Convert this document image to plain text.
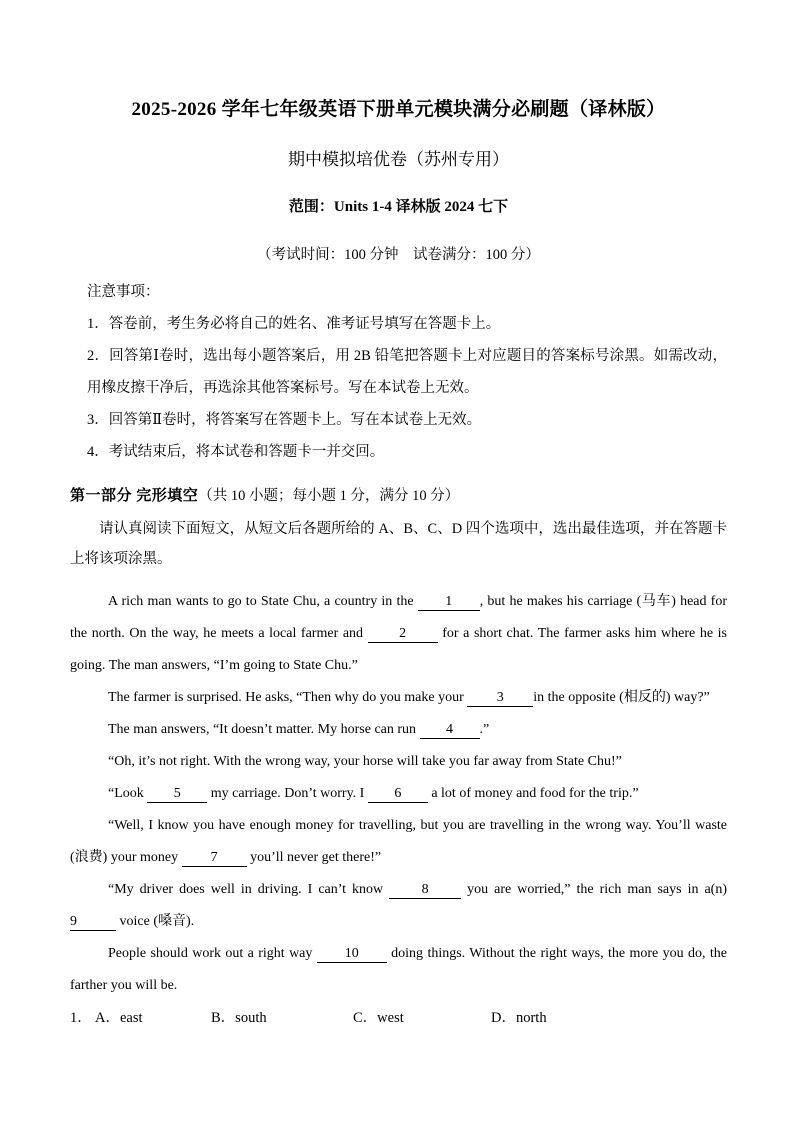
2025-2026 学年七年级英语下册单元模块满分必刷题（译林版）
期中模拟培优卷（苏州专用）
范围：Units 1-4 译林版 2024 七下
（考试时间：100 分钟　试卷满分：100 分）
注意事项：
1．答卷前，考生务必将自己的姓名、准考证号填写在答题卡上。
2．回答第Ⅰ卷时，选出每小题答案后，用 2B 铅笔把答题卡上对应题目的答案标号涂黑。如需改动，用橡皮擦干净后，再选涂其他答案标号。写在本试卷上无效。
3．回答第Ⅱ卷时，将答案写在答题卡上。写在本试卷上无效。
4．考试结束后，将本试卷和答题卡一并交回。
第一部分 完形填空（共 10 小题；每小题 1 分，满分 10 分）
请认真阅读下面短文，从短文后各题所给的 A、B、C、D 四个选项中，选出最佳选项，并在答题卡上将该项涂黑。

A rich man wants to go to State Chu, a country in the 1 , but he makes his carriage (马车) head for the north. On the way, he meets a local farmer and 2 for a short chat. The farmer asks him where he is going. The man answers, “I’m going to State Chu.”

The farmer is surprised. He asks, “Then why do you make your 3 in the opposite (相反的) way?”

The man answers, “It doesn’t matter. My horse can run 4 .”

“Oh, it’s not right. With the wrong way, your horse will take you far away from State Chu!”

“Look 5 my carriage. Don’t worry. I 6 a lot of money and food for the trip.”

“Well, I know you have enough money for travelling, but you are travelling in the wrong way. You’ll waste (浪费) your money 7 you’ll never get there!”

“My driver does well in driving. I can’t know 8 you are worried,” the rich man says in a(n) 9	voice (嗓音).

People should work out a right way 10 doing things. Without the right ways, the more you do, the farther you will be.

1． A．east	B．south	C．west	D．north
